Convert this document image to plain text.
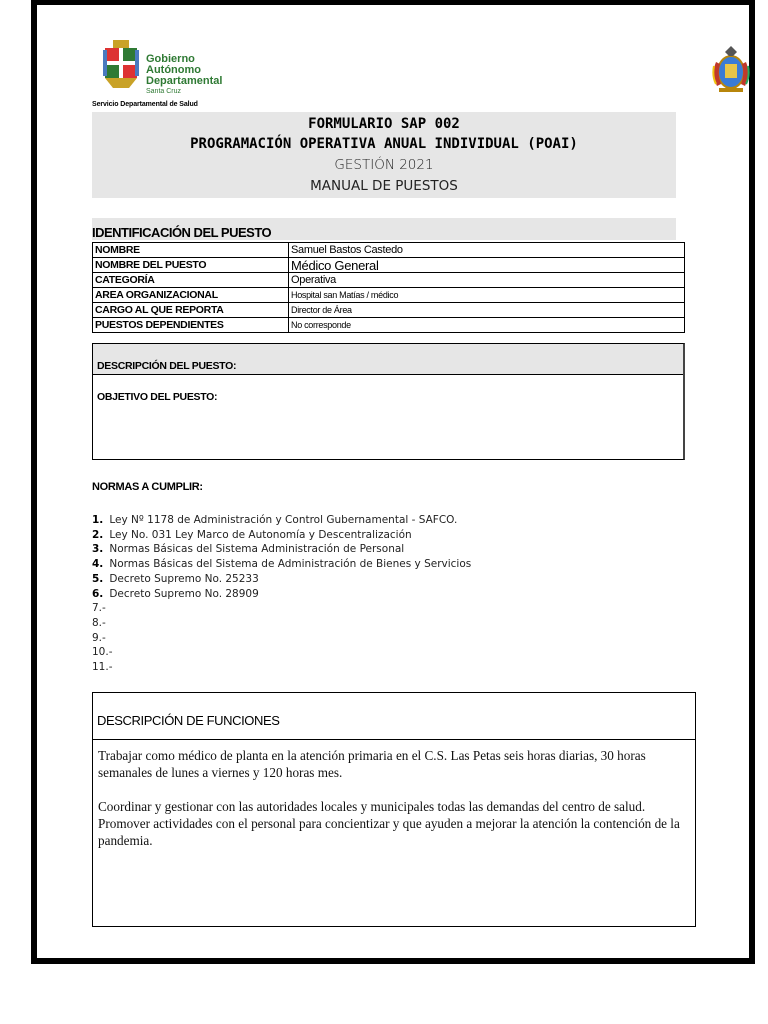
Gobierno
Autónomo
Departamental
Santa Cruz
Servicio Departamental de Salud
FORMULARIO SAP 002
PROGRAMACIÓN OPERATIVA ANUAL INDIVIDUAL (POAI)
GESTIÓN 2021
MANUAL DE PUESTOS
IDENTIFICACIÓN DEL PUESTO
NOMBRE	Samuel Bastos Castedo
NOMBRE DEL PUESTO	Médico General
CATEGORÍA	Operativa
AREA ORGANIZACIONAL	Hospital san Matías / médico
CARGO AL QUE REPORTA	Director de Área
PUESTOS DEPENDIENTES	No corresponde
DESCRIPCIÓN DEL PUESTO:
OBJETIVO DEL PUESTO:
NORMAS A CUMPLIR:
1. Ley Nº 1178 de Administración y Control Gubernamental - SAFCO.
2. Ley No. 031 Ley Marco de Autonomía y Descentralización
3. Normas Básicas del Sistema Administración de Personal
4. Normas Básicas del Sistema de Administración de Bienes y Servicios
5. Decreto Supremo No. 25233
6. Decreto Supremo No. 28909
7.-
8.-
9.-
10.-
11.-
DESCRIPCIÓN DE FUNCIONES

Trabajar como médico de planta en la atención primaria en el C.S. Las Petas seis horas diarias, 30 horas semanales de lunes a viernes y 120 horas mes.

Coordinar y gestionar con las autoridades locales y municipales todas las demandas del centro de salud.

Promover actividades con el personal para concientizar y que ayuden a mejorar la atención la contención de la pandemia.
